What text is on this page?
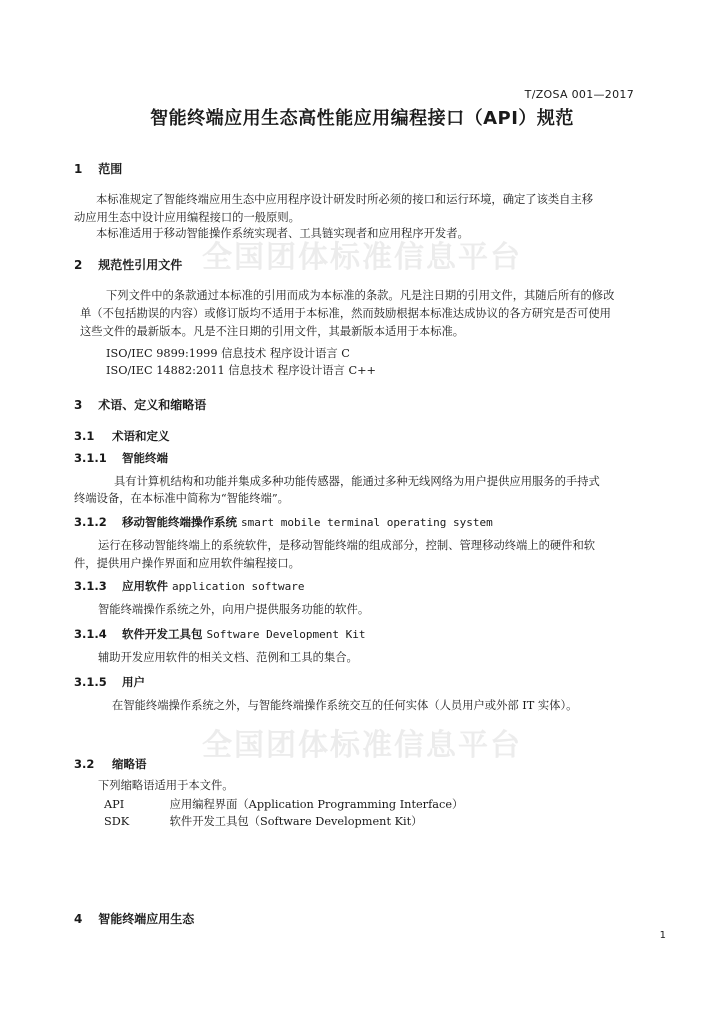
T/ZOSA 001—2017
智能终端应用生态高性能应用编程接口（API）规范
全国团体标准信息平台
全国团体标准信息平台
1 范围
本标准规定了智能终端应用生态中应用程序设计研发时所必须的接口和运行环境，确定了该类自主移
动应用生态中设计应用编程接口的一般原则。
本标准适用于移动智能操作系统实现者、工具链实现者和应用程序开发者。
2 规范性引用文件
下列文件中的条款通过本标准的引用而成为本标准的条款。凡是注日期的引用文件，其随后所有的修改
单（不包括勘误的内容）或修订版均不适用于本标准，然而鼓励根据本标准达成协议的各方研究是否可使用
这些文件的最新版本。凡是不注日期的引用文件，其最新版本适用于本标准。
ISO/IEC 9899:1999 信息技术 程序设计语言 C
ISO/IEC 14882:2011 信息技术 程序设计语言 C++
3 术语、定义和缩略语
3.1 术语和定义
3.1.1 智能终端
具有计算机结构和功能并集成多种功能传感器，能通过多种无线网络为用户提供应用服务的手持式
终端设备，在本标准中简称为“智能终端”。
3.1.2 移动智能终端操作系统 smart mobile terminal operating system
运行在移动智能终端上的系统软件，是移动智能终端的组成部分，控制、管理移动终端上的硬件和软
件，提供用户操作界面和应用软件编程接口。
3.1.3 应用软件 application software
智能终端操作系统之外，向用户提供服务功能的软件。
3.1.4 软件开发工具包 Software Development Kit
辅助开发应用软件的相关文档、范例和工具的集合。
3.1.5 用户
在智能终端操作系统之外，与智能终端操作系统交互的任何实体（人员用户或外部 IT 实体）。
3.2 缩略语
下列缩略语适用于本文件。
API	应用编程界面（Application Programming Interface）
SDK	软件开发工具包（Software Development Kit）
4 智能终端应用生态
1
